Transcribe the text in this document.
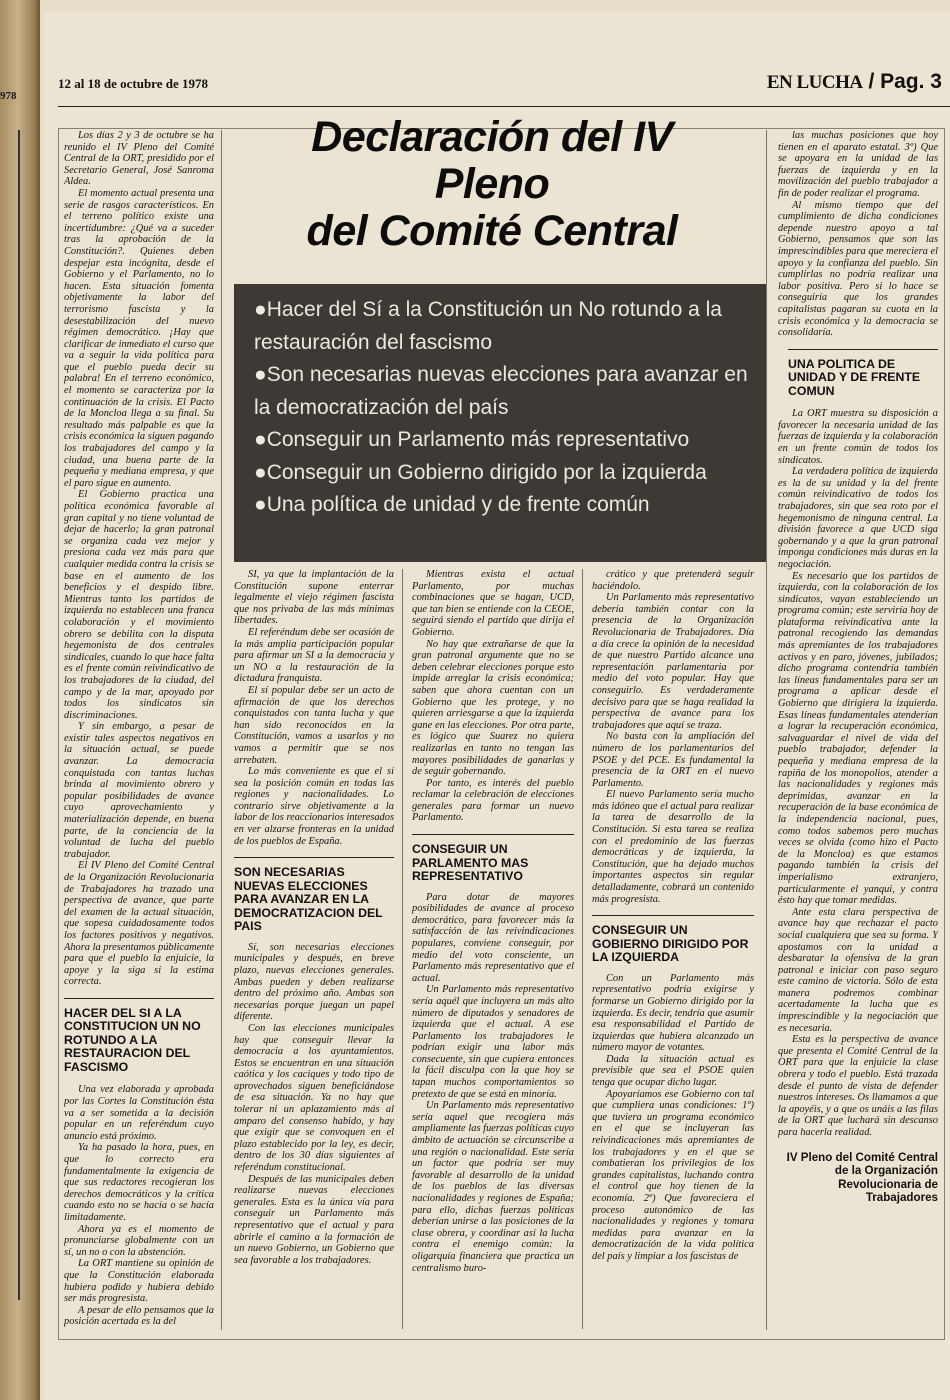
978
12 al 18 de octubre de 1978	EN LUCHA / Pag. 3

Los días 2 y 3 de octubre se ha reunido el IV Pleno del Comité Central de la ORT, presidido por el Secretario General, José Sanroma Aldea.

El momento actual presenta una serie de rasgos característicos. En el terreno político existe una incertidumbre: ¿Qué va a suceder tras la aprobación de la Constitución?. Quienes deben despejar esta incógnita, desde el Gobierno y el Parlamento, no lo hacen. Esta situación fomenta objetivamente la labor del terrorismo fascista y la desestabilización del nuevo régimen democrático. ¡Hay que clarificar de inmediato el curso que va a seguir la vida política para que el pueblo pueda decir su palabra! En el terreno económico, el momento se caracteriza por la continuación de la crisis. El Pacto de la Moncloa llega a su final. Su resultado más palpable es que la crisis económica la siguen pagando los trabajadores del campo y la ciudad, una buena parte de la pequeña y mediana empresa, y que el paro sigue en aumento.

El Gobierno practica una política económica favorable al gran capital y no tiene voluntad de dejar de hacerlo; la gran patronal se organiza cada vez mejor y presiona cada vez más para que cualquier medida contra la crisis se base en el aumento de los beneficios y el despido libre. Mientras tanto los partidos de izquierda no establecen una franca colaboración y el movimiento obrero se debilita con la disputa hegemonista de dos centrales sindicales, cuando lo que hace falta es el frente común reivindicativo de los trabajadores de la ciudad, del campo y de la mar, apoyado por todos los sindicatos sin discriminaciones.

Y sin embargo, a pesar de existir tales aspectos negativos en la situación actual, se puede avanzar. La democracia conquistada con tantas luchas brinda al movimiento obrero y popular posibilidades de avance cuyo aprovechamiento y materialización depende, en buena parte, de la conciencia de la voluntad de lucha del pueblo trabajador.

El IV Pleno del Comité Central de la Organización Revolucionaria de Trabajadores ha trazado una perspectiva de avance, que parte del examen de la actual situación, que sopesa cuidadosamente todos los factores positivos y negativos. Ahora la presentamos públicamente para que el pueblo la enjuicie, la apoye y la siga si la estima correcta.

HACER DEL SI A LA CONSTITUCION UN NO ROTUNDO A LA RESTAURACION DEL FASCISMO

Una vez elaborada y aprobada por las Cortes la Constitución ésta va a ser sometida a la decisión popular en un referéndum cuyo anuncio está próximo.

Ya ha pasado la hora, pues, en que lo correcto era fundamentalmente la exigencia de que sus redactores recogieran los derechos democráticos y la crítica cuando esto no se hacía o se hacía limitadamente.

Ahora ya es el momento de pronunciarse globalmente con un sí, un no o con la abstención.

La ORT mantiene su opinión de que la Constitución elaborada hubiera podido y hubiera debido ser más progresista.

A pesar de ello pensamos que la posición acertada es la del

Declaración del IV
Pleno
del Comité Central
●Hacer del Sí a la Constitución un No rotundo a la restauración del fascismo
●Son necesarias nuevas elecciones para avanzar en la democratización del país
●Conseguir un Parlamento más representativo
●Conseguir un Gobierno dirigido por la izquierda
●Una política de unidad y de frente común

SI, ya que la implantación de la Constitución supone enterrar legalmente el viejo régimen fascista que nos privaba de las más mínimas libertades.

El referéndum debe ser ocasión de la más amplia participación popular para afirmar un SI a la democracia y un NO a la restauración de la dictadura franquista.

El sí popular debe ser un acto de afirmación de que los derechos conquistados con tanta lucha y que han sido reconocidos en la Constitución, vamos a usarlos y no vamos a permitir que se nos arrebaten.

Lo más conveniente es que el sí sea la posición común en todas las regiones y nacionalidades. Lo contrario sirve objetivamente a la labor de los reaccionarios interesados en ver alzarse fronteras en la unidad de los pueblos de España.

SON NECESARIAS NUEVAS ELECCIONES PARA AVANZAR EN LA DEMOCRATIZACION DEL PAIS

Sí, son necesarias elecciones municipales y después, en breve plazo, nuevas elecciones generales. Ambas pueden y deben realizarse dentro del próximo año. Ambas son necesarias porque juegan un papel diferente.

Con las elecciones municipales hay que conseguir llevar la democracia a los ayuntamientos. Estos se encuentran en una situación caótica y los caciques y todo tipo de aprovechados siguen beneficiándose de esa situación. Ya no hay que tolerar ni un aplazamiento más al amparo del consenso habido, y hay que exigir que se convoquen en el plazo establecido por la ley, es decir, dentro de los 30 días siguientes al referéndum constitucional.

Después de las municipales deben realizarse nuevas elecciones generales. Esta es la única vía para conseguir un Parlamento más representativo que el actual y para abrirle el camino a la formación de un nuevo Gobierno, un Gobierno que sea favorable a los trabajadores.

Mientras exista el actual Parlamento, por muchas combinaciones que se hagan, UCD, que tan bien se entiende con la CEOE, seguirá siendo el partido que dirija el Gobierno.

No hay que extrañarse de que la gran patronal argumente que no se deben celebrar elecciones porque esto impide arreglar la crisis económica; saben que ahora cuentan con un Gobierno que les protege, y no quieren arriesgarse a que la izquierda gane en las elecciones. Por otra parte, es lógico que Suarez no quiera realizarlas en tanto no tengan las mayores posibilidades de ganarlas y de seguir gobernando.

Por tanto, es interés del pueblo reclamar la celebración de elecciones generales para formar un nuevo Parlamento.

CONSEGUIR UN PARLAMENTO MAS REPRESENTATIVO

Para dotar de mayores posibilidades de avance al proceso democrático, para favorecer más la satisfacción de las reivindicaciones populares, conviene conseguir, por medio del voto consciente, un Parlamento más representativo que el actual.

Un Parlamento más representativo sería aquél que incluyera un más alto número de diputados y senadores de izquierda que el actual. A ese Parlamento los trabajadores le podrían exigir una labor más consecuente, sin que cupiera entonces la fácil disculpa con la que hoy se tapan muchos comportamientos so pretexto de que se está en minoría.

Un Parlamento más representativo sería aquel que recogiera más ampliamente las fuerzas políticas cuyo ámbito de actuación se circunscribe a una región o nacionalidad. Este sería un factor que podría ser muy favorable al desarrollo de la unidad de los pueblos de las diversas nacionalidades y regiones de España; para ello, dichas fuerzas políticas deberían unirse a las posiciones de la clase obrera, y coordinar así la lucha contra el enemigo común: la oligarquía financiera que practica un centralismo buro-

crático y que pretenderá seguir haciéndolo.

Un Parlamento más representativo debería también contar con la presencia de la Organización Revolucionaria de Trabajadores. Día a día crece la opinión de la necesidad de que nuestro Partido alcance una representación parlamentaria por medio del voto popular. Hay que conseguirlo. Es verdaderamente decisivo para que se haga realidad la perspectiva de avance para los trabajadores que aquí se traza.

No basta con la ampliación del número de los parlamentarios del PSOE y del PCE. Es fundamental la presencia de la ORT en el nuevo Parlamento.

El nuevo Parlamento sería mucho más idóneo que el actual para realizar la tarea de desarrollo de la Constitución. Si esta tarea se realiza con el predominio de las fuerzas democráticas y de izquierda, la Constitución, que ha dejado muchos importantes aspectos sin regular detalladamente, cobrará un contenido más progresista.

CONSEGUIR UN GOBIERNO DIRIGIDO POR LA IZQUIERDA

Con un Parlamento más representativo podría exigirse y formarse un Gobierno dirigido por la izquierda. Es decir, tendría que asumir esa responsabilidad el Partido de izquierdas que hubiera alcanzado un número mayor de votantes.

Dada la situación actual es previsible que sea el PSOE quien tenga que ocupar dicho lugar.

Apoyaríamos ese Gobierno con tal que cumpliera unas condiciones: 1º) que tuviera un programa económico en el que se incluyeran las reivindicaciones más apremiantes de los trabajadores y en el que se combatieran los privilegios de los grandes capitalistas, luchando contra el control que hoy tienen de la economía. 2º) Que favoreciera el proceso autonómico de las nacionalidades y regiones y tomara medidas para avanzar en la democratización de la vida política del país y limpiar a los fascistas de

las muchas posiciones que hoy tienen en el aparato estatal. 3º) Que se apoyara en la unidad de las fuerzas de izquierda y en la movilización del pueblo trabajador a fin de poder realizar el programa.

Al mismo tiempo que del cumplimiento de dicha condiciones depende nuestro apoyo a tal Gobierno, pensamos que son las imprescindibles para que mereciera el apoyo y la confianza del pueblo. Sin cumplirlas no podría realizar una labor positiva. Pero si lo hace se conseguiría que los grandes capitalistas pagaran su cuota en la crisis económica y la democracia se consolidaría.

UNA POLITICA DE UNIDAD Y DE FRENTE COMUN

La ORT muestra su disposición a favorecer la necesaria unidad de las fuerzas de izquierda y la colaboración en un frente común de todos los sindicatos.

La verdadera política de izquierda es la de su unidad y la del frente común reivindicativo de todos los trabajadores, sin que sea roto por el hegemonismo de ninguna central. La división favorece a que UCD siga gobernando y a que la gran patronal imponga condiciones más duras en la negociación.

Es necesario que los partidos de izquierda, con la colaboración de los sindicatos, vayan estableciendo un programa común; este serviría hoy de plataforma reivindicativa ante la patronal recogiendo las demandas más apremiantes de los trabajadores activos y en paro, jóvenes, jubilados; dicho programa contendría también las líneas fundamentales para ser un programa a aplicar desde el Gobierno que dirigiera la izquierda. Esas líneas fundamentales atenderían a lograr la recuperación económica, salvaguardar el nivel de vida del pueblo trabajador, defender la pequeña y mediana empresa de la rapiña de los monopolios, atender a las nacionalidades y regiones más deprimidas, avanzar en la recuperación de la base económica de la independencia nacional, pues, como todos sabemos pero muchas veces se olvida (como hizo el Pacto de la Moncloa) es que estamos pagando también la crisis del imperialismo extranjero, particularmente el yanqui, y contra ésto hay que tomar medidas.

Ante esta clara perspectiva de avance hay que rechazar el pacto social cualquiera que sea su forma. Y apostamos con la unidad a desbaratar la ofensiva de la gran patronal e iniciar con paso seguro este camino de victoria. Sólo de esta manera podremos combinar acertadamente la lucha que es imprescindible y la negociación que es necesaria.

Esta es la perspectiva de avance que presenta el Comité Central de la ORT para que la enjuicie la clase obrera y todo el pueblo. Está trazada desde el punto de vista de defender nuestros intereses. Os llamamos a que la apoyéis, y a que os unáis a las filas de la ORT que luchará sin descanso para hacerla realidad.

IV Pleno del Comité Central
de la Organización
Revolucionaria de
Trabajadores
